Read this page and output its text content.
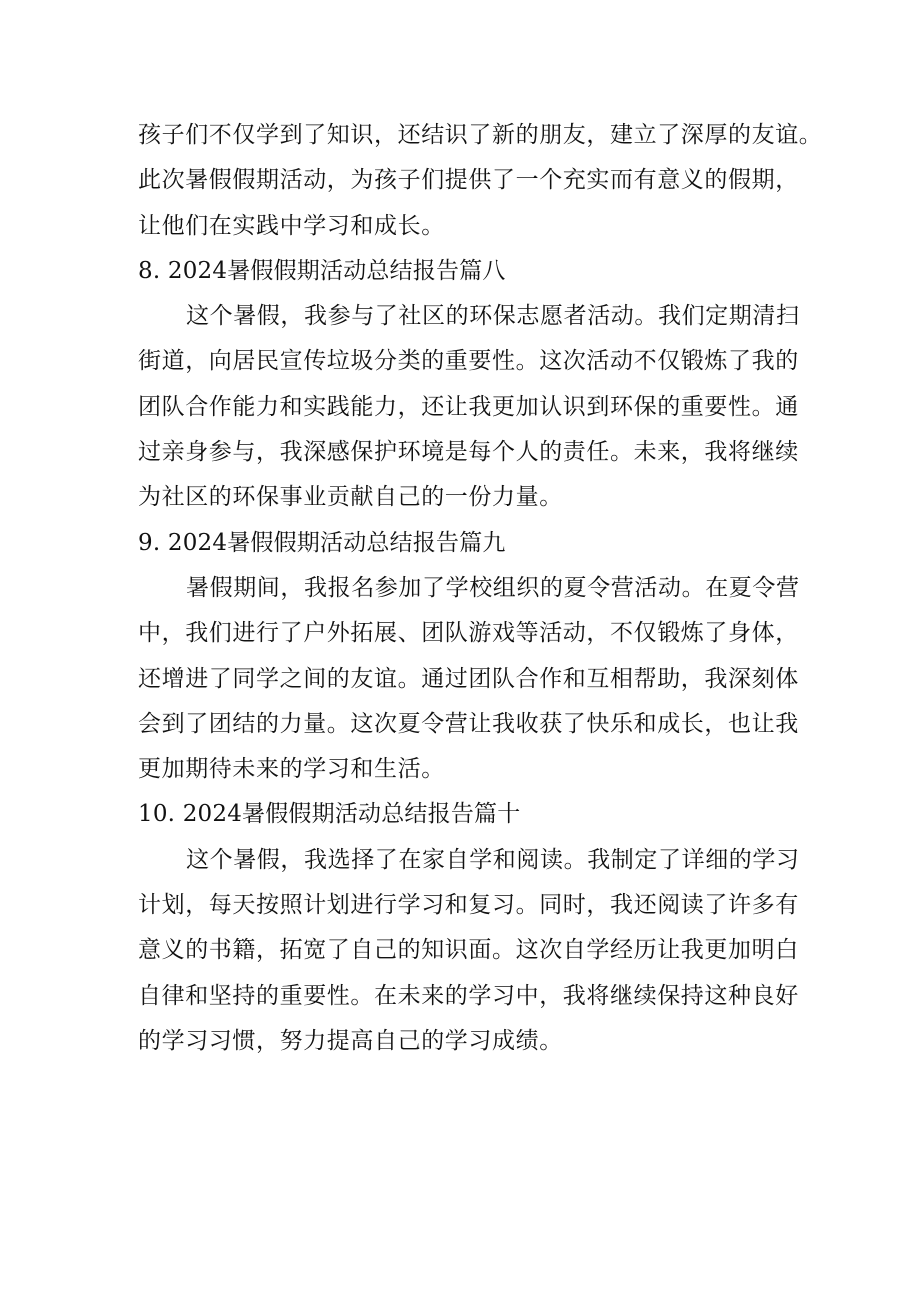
孩子们不仅学到了知识，还结识了新的朋友，建立了深厚的友谊。
此次暑假假期活动，为孩子们提供了一个充实而有意义的假期，
让他们在实践中学习和成长。
8. 2024暑假假期活动总结报告篇八
这个暑假，我参与了社区的环保志愿者活动。我们定期清扫
街道，向居民宣传垃圾分类的重要性。这次活动不仅锻炼了我的
团队合作能力和实践能力，还让我更加认识到环保的重要性。通
过亲身参与，我深感保护环境是每个人的责任。未来，我将继续
为社区的环保事业贡献自己的一份力量。
9. 2024暑假假期活动总结报告篇九
暑假期间，我报名参加了学校组织的夏令营活动。在夏令营
中，我们进行了户外拓展、团队游戏等活动，不仅锻炼了身体，
还增进了同学之间的友谊。通过团队合作和互相帮助，我深刻体
会到了团结的力量。这次夏令营让我收获了快乐和成长，也让我
更加期待未来的学习和生活。
10. 2024暑假假期活动总结报告篇十
这个暑假，我选择了在家自学和阅读。我制定了详细的学习
计划，每天按照计划进行学习和复习。同时，我还阅读了许多有
意义的书籍，拓宽了自己的知识面。这次自学经历让我更加明白
自律和坚持的重要性。在未来的学习中，我将继续保持这种良好
的学习习惯，努力提高自己的学习成绩。
